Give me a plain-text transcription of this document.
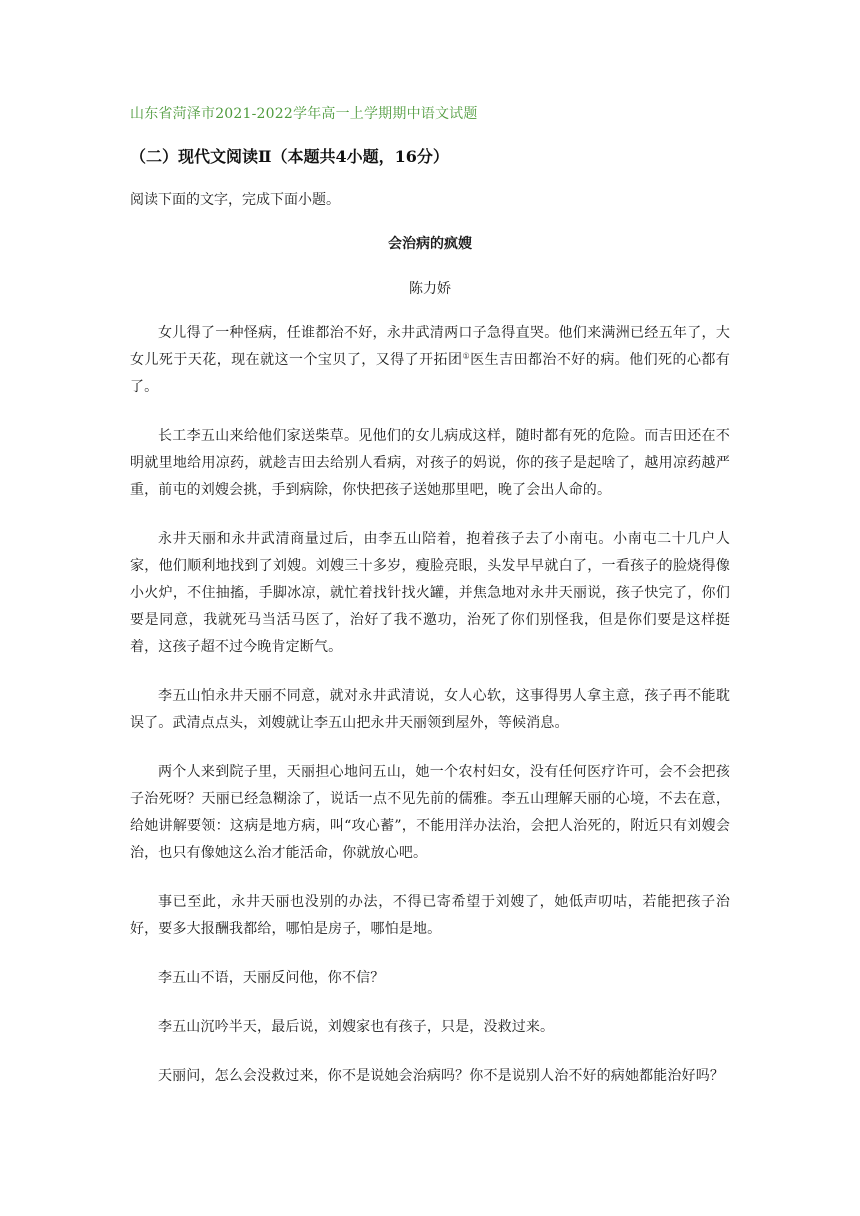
山东省菏泽市2021-2022学年高一上学期期中语文试题
（二）现代文阅读Ⅱ（本题共4小题，16分）
阅读下面的文字，完成下面小题。
会治病的疯嫂
陈力娇

女儿得了一种怪病，任谁都治不好，永井武清两口子急得直哭。他们来满洲已经五年了，大女儿死于天花，现在就这一个宝贝了，又得了开拓团①医生吉田都治不好的病。他们死的心都有了。

长工李五山来给他们家送柴草。见他们的女儿病成这样，随时都有死的危险。而吉田还在不明就里地给用凉药，就趁吉田去给别人看病，对孩子的妈说，你的孩子是起啥了，越用凉药越严重，前屯的刘嫂会挑，手到病除，你快把孩子送她那里吧，晚了会出人命的。

永井天丽和永井武清商量过后，由李五山陪着，抱着孩子去了小南屯。小南屯二十几户人家，他们顺利地找到了刘嫂。刘嫂三十多岁，瘦脸亮眼，头发早早就白了，一看孩子的脸烧得像小火炉，不住抽搐，手脚冰凉，就忙着找针找火罐，并焦急地对永井天丽说，孩子快完了，你们要是同意，我就死马当活马医了，治好了我不邀功，治死了你们别怪我，但是你们要是这样挺着，这孩子超不过今晚肯定断气。

李五山怕永井天丽不同意，就对永井武清说，女人心软，这事得男人拿主意，孩子再不能耽误了。武清点点头，刘嫂就让李五山把永井天丽领到屋外，等候消息。

两个人来到院子里，天丽担心地问五山，她一个农村妇女，没有任何医疗许可，会不会把孩子治死呀？天丽已经急糊涂了，说话一点不见先前的儒雅。李五山理解天丽的心境，不去在意，给她讲解要领：这病是地方病，叫“攻心蓄”，不能用洋办法治，会把人治死的，附近只有刘嫂会治，也只有像她这么治才能活命，你就放心吧。

事已至此，永井天丽也没别的办法，不得已寄希望于刘嫂了，她低声叨咕，若能把孩子治好，要多大报酬我都给，哪怕是房子，哪怕是地。

李五山不语，天丽反问他，你不信？

李五山沉吟半天，最后说，刘嫂家也有孩子，只是，没救过来。

天丽问，怎么会没救过来，你不是说她会治病吗？你不是说别人治不好的病她都能治好吗？
